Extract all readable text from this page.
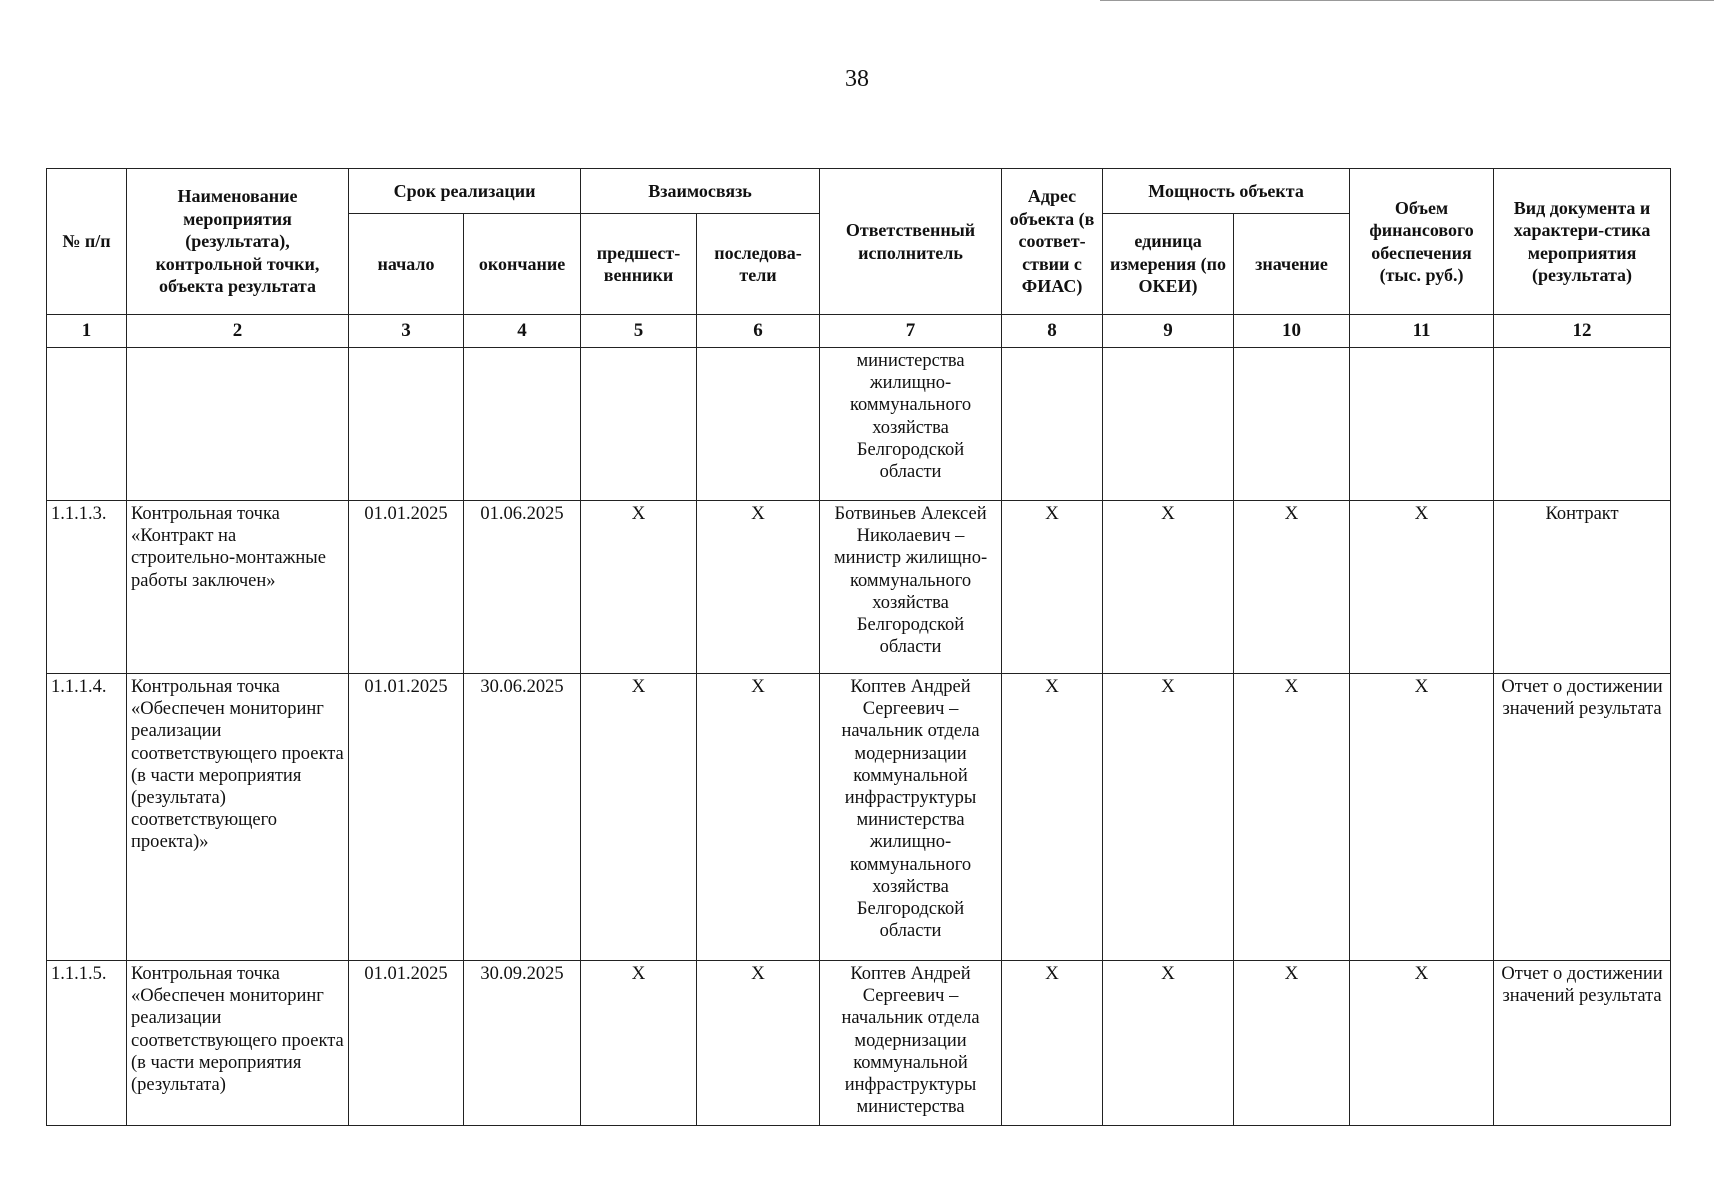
38
№ п/п	Наименование мероприятия (результата), контрольной точки, объекта результата	Срок реализации		Взаимосвязь		Ответственный исполнитель	Адрес объекта (в соответ-ствии с ФИАС)	Мощность объекта		Объем финансового обеспечения (тыс. руб.)	Вид документа и характери-стика мероприятия (результата)
		начало	окончание	предшест-венники	последова-тели			единица измерения (по ОКЕИ)	значение		
1	2	3	4	5	6	7	8	9	10	11	12
						министерства жилищно-коммунального хозяйства Белгородской области					
1.1.1.3.	Контрольная точка «Контракт на строительно-монтажные работы заключен»	01.01.2025	01.06.2025	X	X	Ботвиньев Алексей Николаевич – министр жилищно-коммунального хозяйства Белгородской области	X	X	X	X	Контракт
1.1.1.4.	Контрольная точка «Обеспечен мониторинг реализации соответствующего проекта (в части мероприятия (результата) соответствующего проекта)»	01.01.2025	30.06.2025	X	X	Коптев Андрей Сергеевич – начальник отдела модернизации коммунальной инфраструктуры министерства жилищно-коммунального хозяйства Белгородской области	X	X	X	X	Отчет о достижении значений результата
1.1.1.5.	Контрольная точка «Обеспечен мониторинг реализации соответствующего проекта (в части мероприятия (результата)	01.01.2025	30.09.2025	X	X	Коптев Андрей Сергеевич – начальник отдела модернизации коммунальной инфраструктуры министерства	X	X	X	X	Отчет о достижении значений результата
